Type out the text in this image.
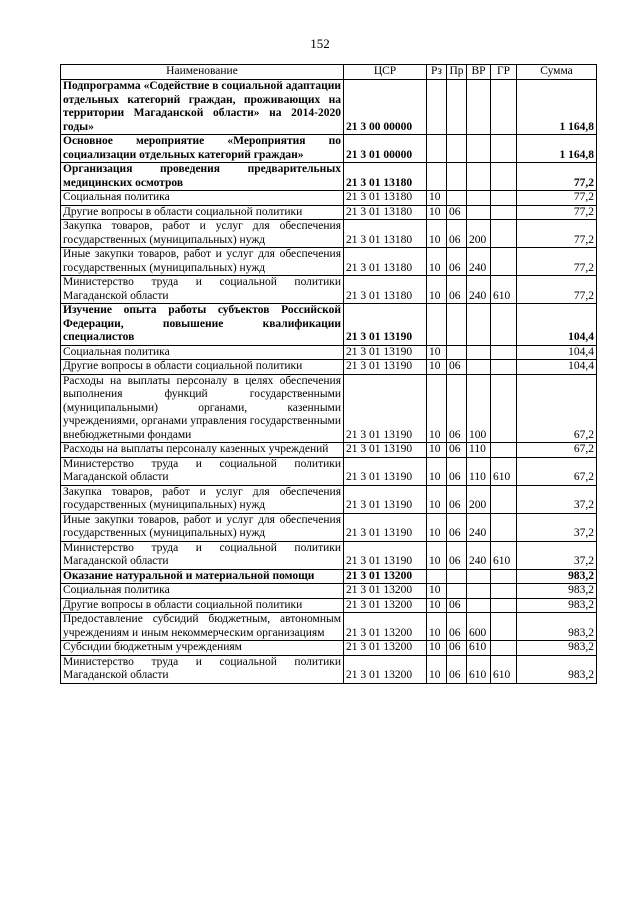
152
Наименование	ЦСР	Рз	Пр	ВР	ГР	Сумма
Подпрограмма «Содействие в социальной адаптации отдельных категорий граждан, проживающих на территории Магаданской области» на 2014-2020 годы»	21 3 00 00000					1 164,8
Основное мероприятие «Мероприятия по социализации отдельных категорий граждан»	21 3 01 00000					1 164,8
Организация проведения предварительных медицинских осмотров	21 3 01 13180					77,2
Социальная политика	21 3 01 13180	10				77,2
Другие вопросы в области социальной политики	21 3 01 13180	10	06			77,2
Закупка товаров, работ и услуг для обеспечения государственных (муниципальных) нужд	21 3 01 13180	10	06	200		77,2
Иные закупки товаров, работ и услуг для обеспечения государственных (муниципальных) нужд	21 3 01 13180	10	06	240		77,2
Министерство труда и социальной политики Магаданской области	21 3 01 13180	10	06	240	610	77,2
Изучение опыта работы субъектов Российской Федерации, повышение квалификации специалистов	21 3 01 13190					104,4
Социальная политика	21 3 01 13190	10				104,4
Другие вопросы в области социальной политики	21 3 01 13190	10	06			104,4
Расходы на выплаты персоналу в целях обеспечения выполнения функций государственными (муниципальными) органами, казенными учреждениями, органами управления государственными внебюджетными фондами	21 3 01 13190	10	06	100		67,2
Расходы на выплаты персоналу казенных учреждений	21 3 01 13190	10	06	110		67,2
Министерство труда и социальной политики Магаданской области	21 3 01 13190	10	06	110	610	67,2
Закупка товаров, работ и услуг для обеспечения государственных (муниципальных) нужд	21 3 01 13190	10	06	200		37,2
Иные закупки товаров, работ и услуг для обеспечения государственных (муниципальных) нужд	21 3 01 13190	10	06	240		37,2
Министерство труда и социальной политики Магаданской области	21 3 01 13190	10	06	240	610	37,2
Оказание натуральной и материальной помощи	21 3 01 13200					983,2
Социальная политика	21 3 01 13200	10				983,2
Другие вопросы в области социальной политики	21 3 01 13200	10	06			983,2
Предоставление субсидий бюджетным, автономным учреждениям и иным некоммерческим организациям	21 3 01 13200	10	06	600		983,2
Субсидии бюджетным учреждениям	21 3 01 13200	10	06	610		983,2
Министерство труда и социальной политики Магаданской области	21 3 01 13200	10	06	610	610	983,2
